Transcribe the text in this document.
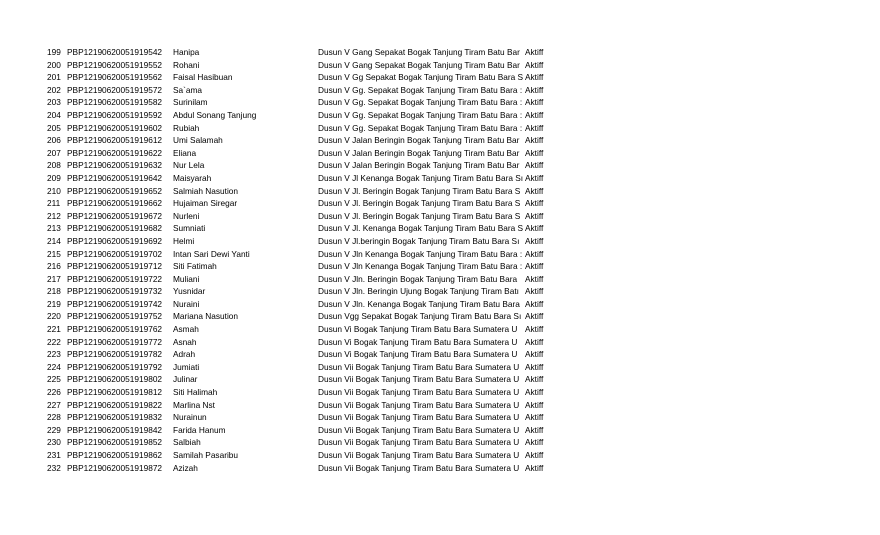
199	PBP12190620051919542	Hanipa	Dusun V Gang Sepakat Bogak Tanjung Tiram Batu Bar	Aktiff
200	PBP12190620051919552	Rohani	Dusun V Gang Sepakat Bogak Tanjung Tiram Batu Bar	Aktiff
201	PBP12190620051919562	Faisal Hasibuan	Dusun V Gg Sepakat Bogak Tanjung Tiram Batu Bara S	Aktiff
202	PBP12190620051919572	Sa`ama	Dusun V Gg. Sepakat Bogak Tanjung Tiram Batu Bara :	Aktiff
203	PBP12190620051919582	Surinilam	Dusun V Gg. Sepakat Bogak Tanjung Tiram Batu Bara :	Aktiff
204	PBP12190620051919592	Abdul Sonang Tanjung	Dusun V Gg. Sepakat Bogak Tanjung Tiram Batu Bara :	Aktiff
205	PBP12190620051919602	Rubiah	Dusun V Gg. Sepakat Bogak Tanjung Tiram Batu Bara :	Aktiff
206	PBP12190620051919612	Umi Salamah	Dusun V Jalan Beringin Bogak Tanjung Tiram Batu Bar	Aktiff
207	PBP12190620051919622	Eliana	Dusun V Jalan Beringin Bogak Tanjung Tiram Batu Bar	Aktiff
208	PBP12190620051919632	Nur Lela	Dusun V Jalan Beringin Bogak Tanjung Tiram Batu Bar	Aktiff
209	PBP12190620051919642	Maisyarah	Dusun V Jl Kenanga Bogak Tanjung Tiram Batu Bara Sı	Aktiff
210	PBP12190620051919652	Salmiah Nasution	Dusun V Jl. Beringin Bogak Tanjung Tiram Batu Bara S	Aktiff
211	PBP12190620051919662	Hujaiman Siregar	Dusun V Jl. Beringin Bogak Tanjung Tiram Batu Bara S	Aktiff
212	PBP12190620051919672	Nurleni	Dusun V Jl. Beringin Bogak Tanjung Tiram Batu Bara S	Aktiff
213	PBP12190620051919682	Sumniati	Dusun V Jl. Kenanga Bogak Tanjung Tiram Batu Bara S	Aktiff
214	PBP12190620051919692	Helmi	Dusun V Jl.beringin Bogak Tanjung Tiram Batu Bara Sı	Aktiff
215	PBP12190620051919702	Intan Sari Dewi Yanti	Dusun V Jln Kenanga Bogak Tanjung Tiram Batu Bara :	Aktiff
216	PBP12190620051919712	Siti Fatimah	Dusun V Jln Kenanga Bogak Tanjung Tiram Batu Bara :	Aktiff
217	PBP12190620051919722	Muliani	Dusun V Jln. Beringin Bogak Tanjung Tiram Batu Bara	Aktiff
218	PBP12190620051919732	Yusnidar	Dusun V Jln. Beringin Ujung Bogak Tanjung Tiram Batı	Aktiff
219	PBP12190620051919742	Nuraini	Dusun V Jln. Kenanga Bogak Tanjung Tiram Batu Bara	Aktiff
220	PBP12190620051919752	Mariana Nasution	Dusun Vgg Sepakat Bogak Tanjung Tiram Batu Bara Sı	Aktiff
221	PBP12190620051919762	Asmah	Dusun Vi Bogak Tanjung Tiram Batu Bara Sumatera U	Aktiff
222	PBP12190620051919772	Asnah	Dusun Vi Bogak Tanjung Tiram Batu Bara Sumatera U	Aktiff
223	PBP12190620051919782	Adrah	Dusun Vi Bogak Tanjung Tiram Batu Bara Sumatera U	Aktiff
224	PBP12190620051919792	Jumiati	Dusun Vii Bogak Tanjung Tiram Batu Bara Sumatera U	Aktiff
225	PBP12190620051919802	Julinar	Dusun Vii Bogak Tanjung Tiram Batu Bara Sumatera U	Aktiff
226	PBP12190620051919812	Siti Halimah	Dusun Vii Bogak Tanjung Tiram Batu Bara Sumatera U	Aktiff
227	PBP12190620051919822	Marlina Nst	Dusun Vii Bogak Tanjung Tiram Batu Bara Sumatera U	Aktiff
228	PBP12190620051919832	Nurainun	Dusun Vii Bogak Tanjung Tiram Batu Bara Sumatera U	Aktiff
229	PBP12190620051919842	Farida Hanum	Dusun Vii Bogak Tanjung Tiram Batu Bara Sumatera U	Aktiff
230	PBP12190620051919852	Salbiah	Dusun Vii Bogak Tanjung Tiram Batu Bara Sumatera U	Aktiff
231	PBP12190620051919862	Samilah Pasaribu	Dusun Vii Bogak Tanjung Tiram Batu Bara Sumatera U	Aktiff
232	PBP12190620051919872	Azizah	Dusun Vii Bogak Tanjung Tiram Batu Bara Sumatera U	Aktiff
